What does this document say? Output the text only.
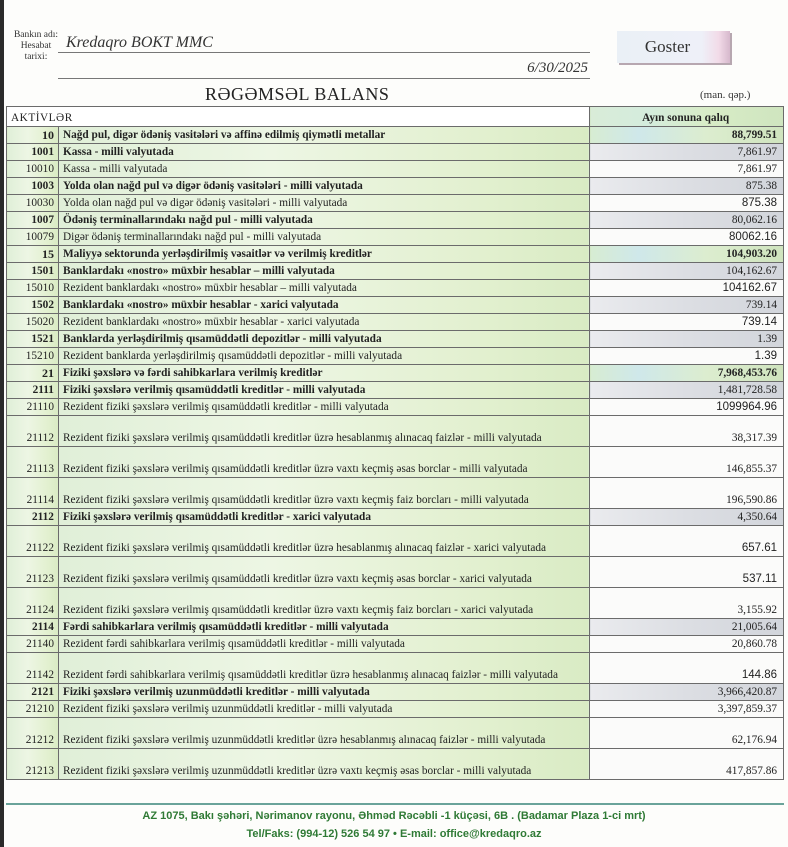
Bankın adı:
Hesabat tarixi:
Kredaqro BOKT MMC
6/30/2025
Goster
RƏGƏMSƏL BALANS	(man. qəp.)
AKTİVLƏR		Ayın sonuna qalıq
10	Nağd pul, digər ödəniş vasitələri və affinə edilmiş qiymətli metallar	88,799.51
1001	Kassa - milli valyutada	7,861.97
10010	Kassa - milli valyutada	7,861.97
1003	Yolda olan nağd pul və digər ödəniş vasitələri - milli valyutada	875.38
10030	Yolda olan nağd pul və digər ödəniş vasitələri - milli valyutada	875.38
1007	Ödəniş terminallarındakı nağd pul - milli valyutada	80,062.16
10079	Digər ödəniş terminallarındakı nağd pul - milli valyutada	80062.16
15	Maliyyə sektorunda yerləşdirilmiş vəsaitlər və verilmiş kreditlər	104,903.20
1501	Banklardakı «nostro» müxbir hesablar – milli valyutada	104,162.67
15010	Rezident banklardakı «nostro» müxbir hesablar – milli valyutada	104162.67
1502	Banklardakı «nostro» müxbir hesablar - xarici valyutada	739.14
15020	Rezident banklardakı «nostro» müxbir hesablar - xarici valyutada	739.14
1521	Banklarda yerləşdirilmiş qısamüddətli depozitlər - milli valyutada	1.39
15210	Rezident banklarda yerləşdirilmiş qısamüddətli depozitlər - milli valyutada	1.39
21	Fiziki şəxslərə və fərdi sahibkarlara verilmiş kreditlər	7,968,453.76
2111	Fiziki şəxslərə verilmiş qısamüddətli kreditlər - milli valyutada	1,481,728.58
21110	Rezident fiziki şəxslərə verilmiş qısamüddətli kreditlər - milli valyutada	1099964.96
21112	Rezident fiziki şəxslərə verilmiş qısamüddətli kreditlər üzrə hesablanmış alınacaq faizlər - milli valyutada	38,317.39
21113	Rezident fiziki şəxslərə verilmiş qısamüddətli kreditlər üzrə vaxtı keçmiş əsas borclar - milli valyutada	146,855.37
21114	Rezident fiziki şəxslərə verilmiş qısamüddətli kreditlər üzrə vaxtı keçmiş faiz borcları - milli valyutada	196,590.86
2112	Fiziki şəxslərə verilmiş qısamüddətli kreditlər - xarici valyutada	4,350.64
21122	Rezident fiziki şəxslərə verilmiş qısamüddətli kreditlər üzrə hesablanmış alınacaq faizlər - xarici valyutada	657.61
21123	Rezident fiziki şəxslərə verilmiş qısamüddətli kreditlər üzrə vaxtı keçmiş əsas borclar - xarici valyutada	537.11
21124	Rezident fiziki şəxslərə verilmiş qısamüddətli kreditlər üzrə vaxtı keçmiş faiz borcları - xarici valyutada	3,155.92
2114	Fərdi sahibkarlara verilmiş qısamüddətli kreditlər - milli valyutada	21,005.64
21140	Rezident fərdi sahibkarlara verilmiş qısamüddətli kreditlər - milli valyutada	20,860.78
21142	Rezident fərdi sahibkarlara verilmiş qısamüddətli kreditlər üzrə hesablanmış alınacaq faizlər - milli valyutada	144.86
2121	Fiziki şəxslərə verilmiş uzunmüddətli kreditlər - milli valyutada	3,966,420.87
21210	Rezident fiziki şəxslərə verilmiş uzunmüddətli kreditlər - milli valyutada	3,397,859.37
21212	Rezident fiziki şəxslərə verilmiş uzunmüddətli kreditlər üzrə hesablanmış alınacaq faizlər - milli valyutada	62,176.94
21213	Rezident fiziki şəxslərə verilmiş uzunmüddətli kreditlər üzrə vaxtı keçmiş əsas borclar - milli valyutada	417,857.86
AZ 1075, Bakı şəhəri, Nərimanov rayonu, Əhməd Rəcəbli -1 küçəsi, 6B . (Badamar Plaza 1-ci mrt)
Tel/Faks: (994-12) 526 54 97 • E-mail: office@kredaqro.az
